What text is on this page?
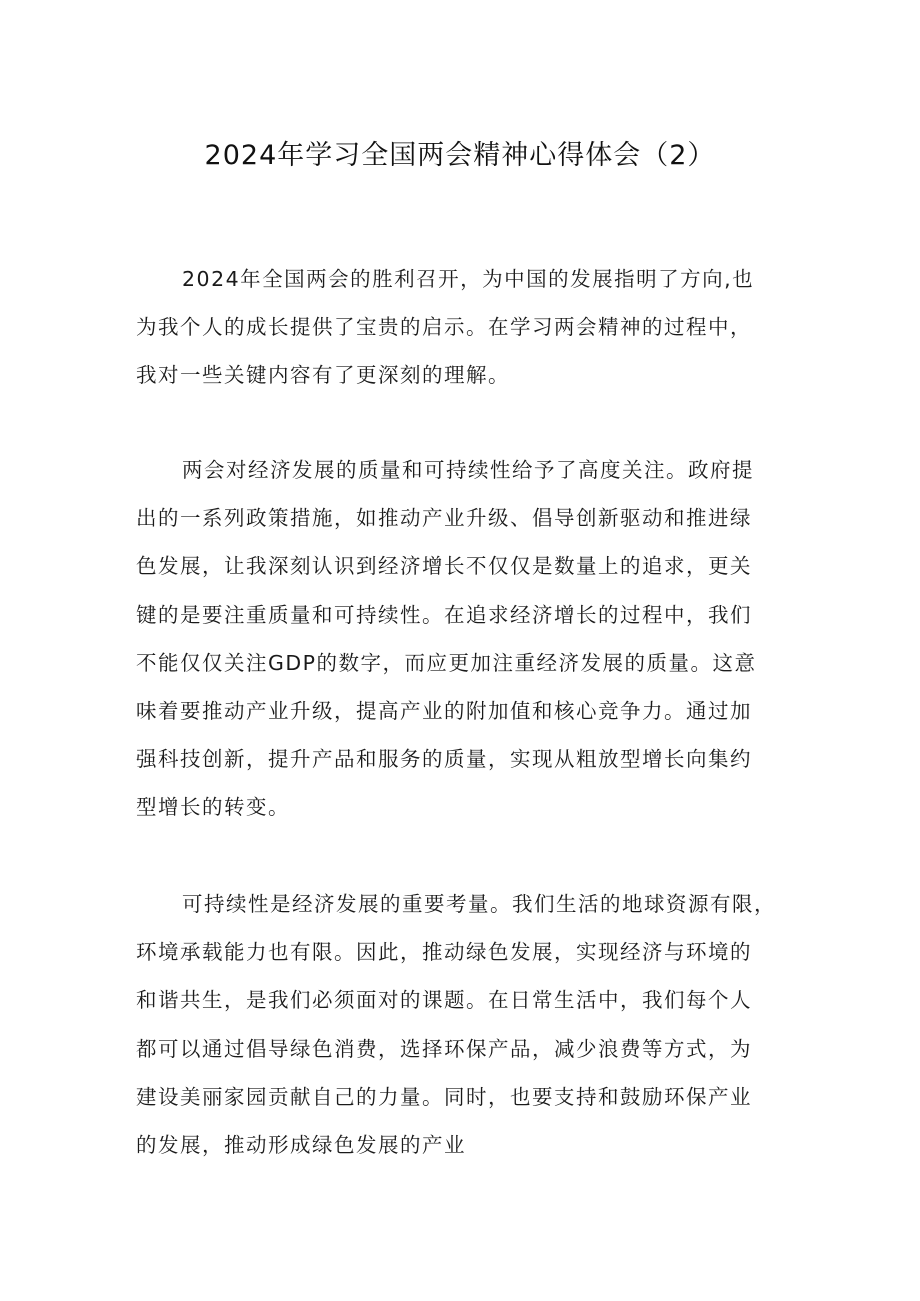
2024年学习全国两会精神心得体会（2）
2024年全国两会的胜利召开，为中国的发展指明了方向,也
为我个人的成长提供了宝贵的启示。在学习两会精神的过程中，
我对一些关键内容有了更深刻的理解。
两会对经济发展的质量和可持续性给予了高度关注。政府提
出的一系列政策措施，如推动产业升级、倡导创新驱动和推进绿
色发展，让我深刻认识到经济增长不仅仅是数量上的追求，更关
键的是要注重质量和可持续性。在追求经济增长的过程中，我们
不能仅仅关注GDP的数字，而应更加注重经济发展的质量。这意
味着要推动产业升级，提高产业的附加值和核心竞争力。通过加
强科技创新，提升产品和服务的质量，实现从粗放型增长向集约
型增长的转变。
可持续性是经济发展的重要考量。我们生活的地球资源有限，
环境承载能力也有限。因此，推动绿色发展，实现经济与环境的
和谐共生，是我们必须面对的课题。在日常生活中，我们每个人
都可以通过倡导绿色消费，选择环保产品，减少浪费等方式，为
建设美丽家园贡献自己的力量。同时，也要支持和鼓励环保产业
的发展，推动形成绿色发展的产业
